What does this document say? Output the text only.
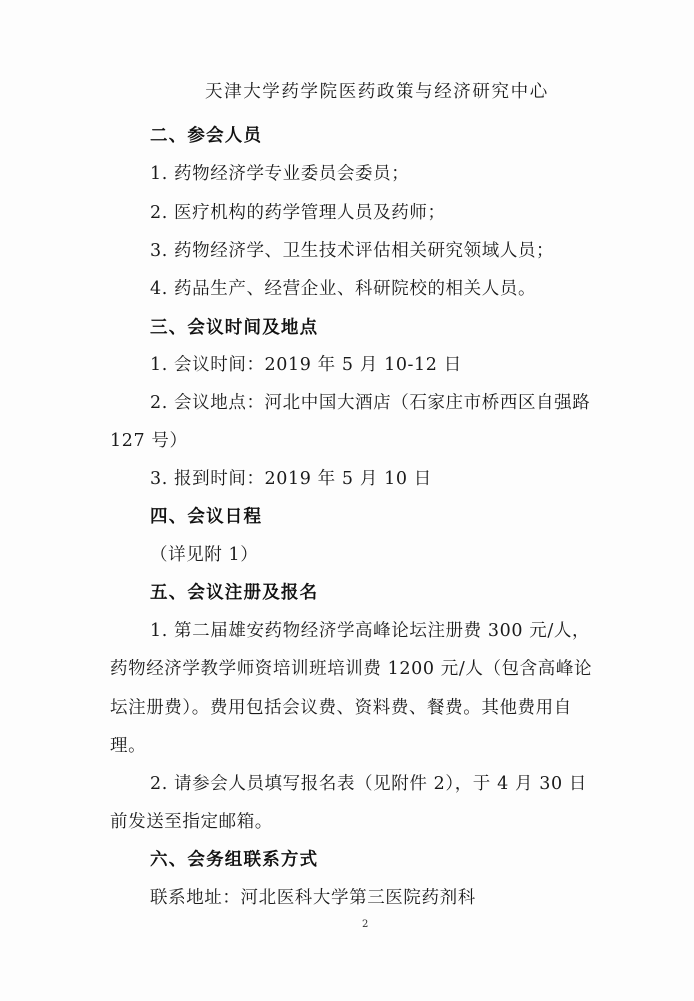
天津大学药学院医药政策与经济研究中心
二、参会人员
1. 药物经济学专业委员会委员；
2. 医疗机构的药学管理人员及药师；
3. 药物经济学、卫生技术评估相关研究领域人员；
4. 药品生产、经营企业、科研院校的相关人员。
三、会议时间及地点
1. 会议时间：2019 年 5 月 10-12 日
2. 会议地点：河北中国大酒店（石家庄市桥西区自强路
127 号）
3. 报到时间：2019 年 5 月 10 日
四、会议日程
（详见附 1）
五、会议注册及报名
1. 第二届雄安药物经济学高峰论坛注册费 300 元/人，
药物经济学教学师资培训班培训费 1200 元/人（包含高峰论
坛注册费）。费用包括会议费、资料费、餐费。其他费用自
理。
2. 请参会人员填写报名表（见附件 2），于 4 月 30 日
前发送至指定邮箱。
六、会务组联系方式
联系地址：河北医科大学第三医院药剂科
2
